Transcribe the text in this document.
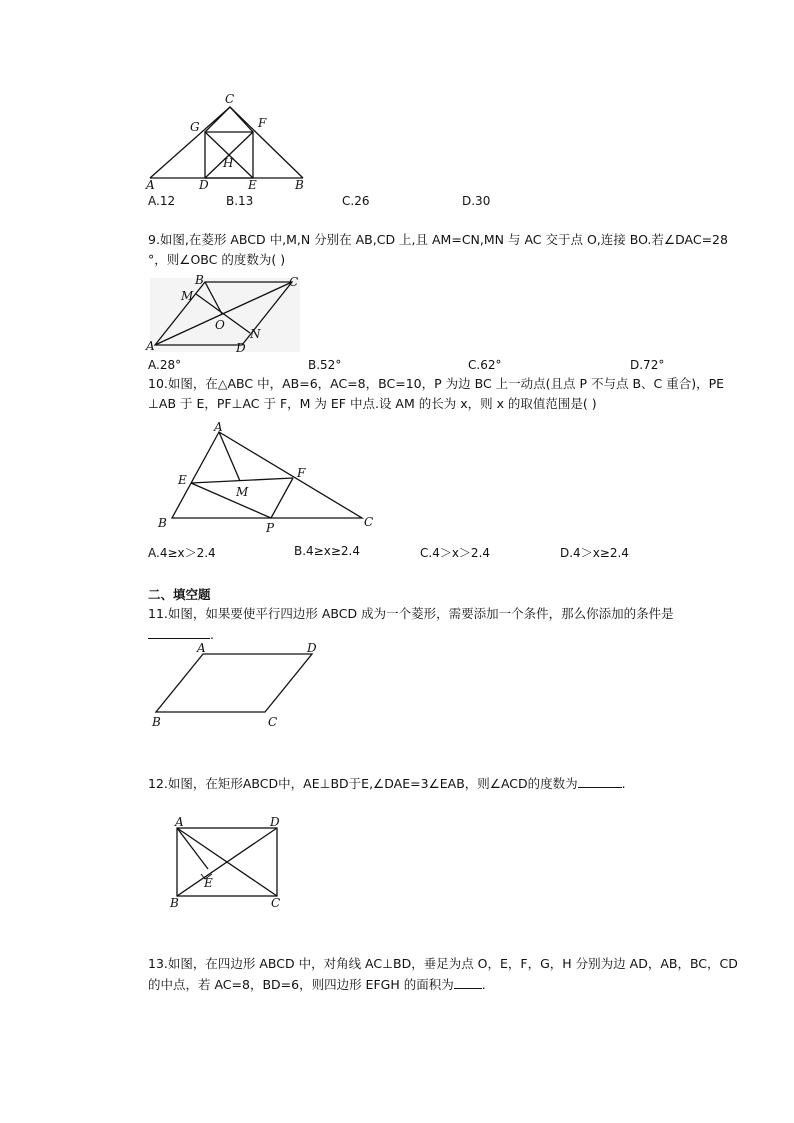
C
G	F
H
A	D	E	B
A.12	B.13	C.26	D.30
9.如图,在菱形 ABCD 中,M,N 分别在 AB,CD 上,且 AM=CN,MN 与 AC 交于点 O,连接 BO.若∠DAC=28
°，则∠OBC 的度数为( )
B	C
M
O
N
A	D
A.28°	B.52°	C.62°	D.72°
10.如图，在△ABC 中，AB=6，AC=8，BC=10，P 为边 BC 上一动点(且点 P 不与点 B、C 重合)，PE
⊥AB 于 E，PF⊥AC 于 F，M 为 EF 中点.设 AM 的长为 x，则 x 的取值范围是( )
A
E
M
F
B	P	C
A.4≥x＞2.4	B.4≥x≥2.4	C.4＞x＞2.4	D.4＞x≥2.4
二、填空题
11.如图，如果要使平行四边形 ABCD 成为一个菱形，需要添加一个条件，那么你添加的条件是
.
A	D
B	C
12.如图，在矩形ABCD中，AE⊥BD于E,∠DAE=3∠EAB，则∠ACD的度数为	.
A	D
E
B	C
13.如图，在四边形 ABCD 中，对角线 AC⊥BD，垂足为点 O，E，F，G，H 分别为边 AD，AB，BC，CD
的中点，若 AC=8，BD=6，则四边形 EFGH 的面积为 .
